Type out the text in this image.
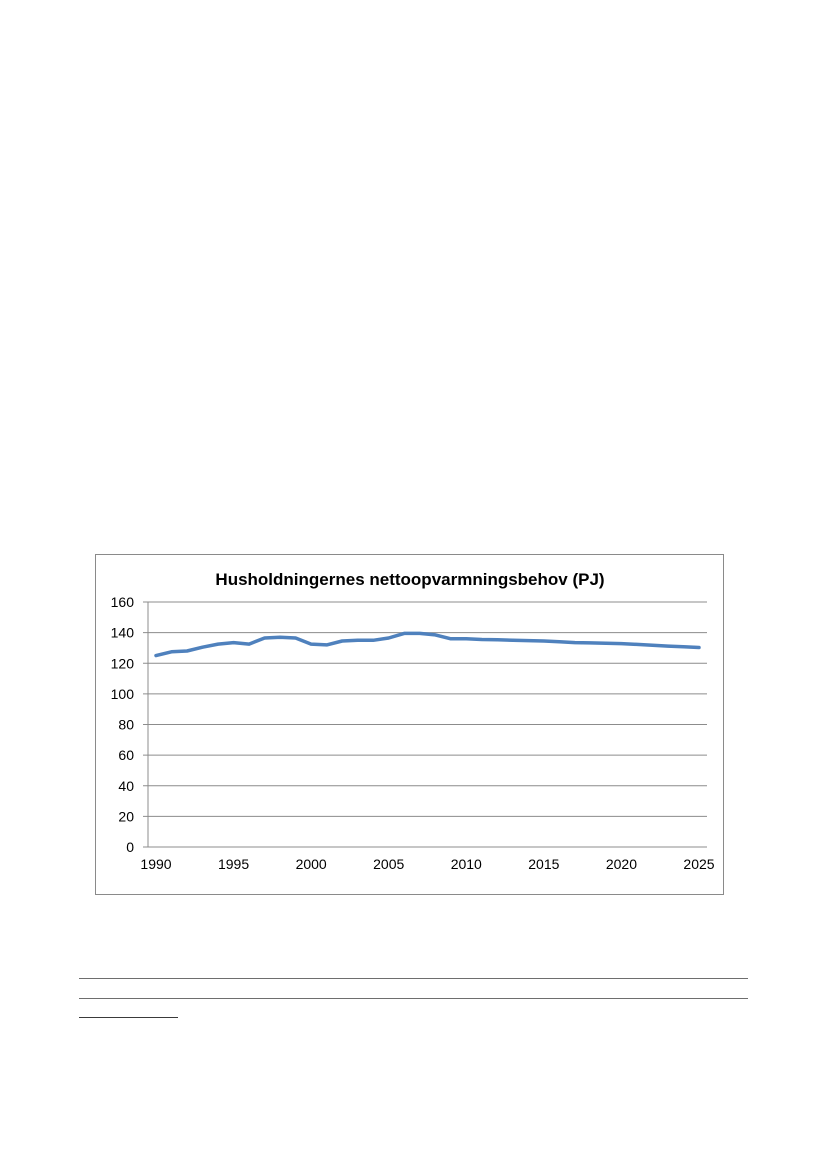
Husholdningernes nettoopvarmningsbehov (PJ)
160
140
120
100
80
60
40
20
0
1990	1995	2000	2005	2010	2015	2020	2025
